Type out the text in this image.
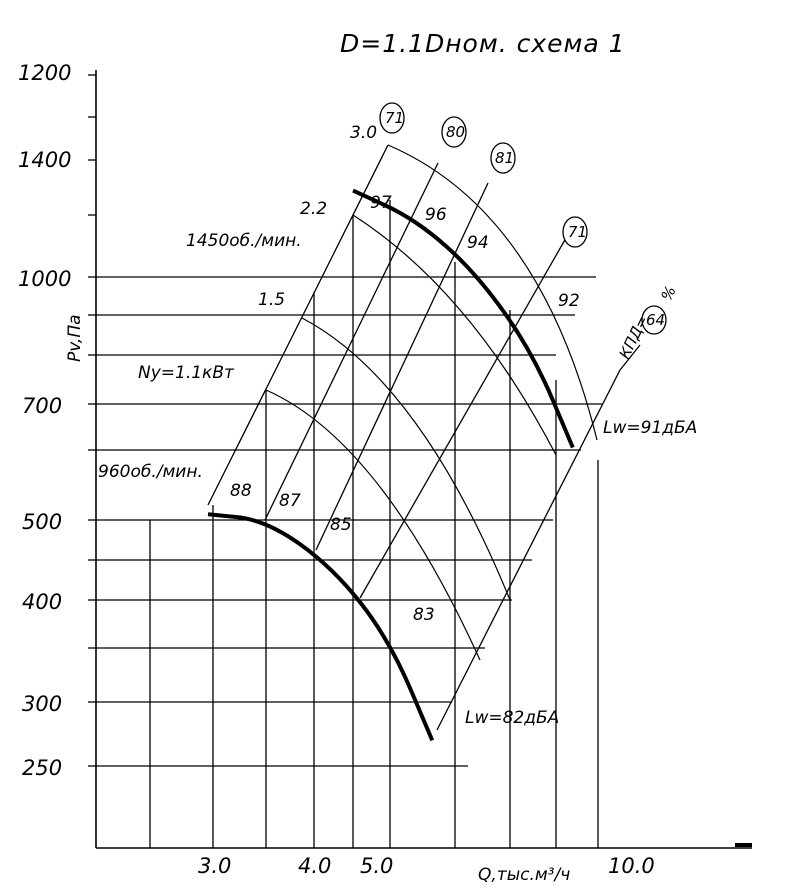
D=1.1Dном. схема 1
71
80
81
71
64
3.0
2.2
1.5
Ny=1.1кВт
1450об./мин.
960об./мин.
Lw=91дБА
Lw=82дБА
97
96
94
92
88 87
85
83
КПД=
%
1200
1400
1000
700
500
400
300
250
Pv,Па
3.0	4.0 5.0	10.0
Q,тыс.м³/ч
